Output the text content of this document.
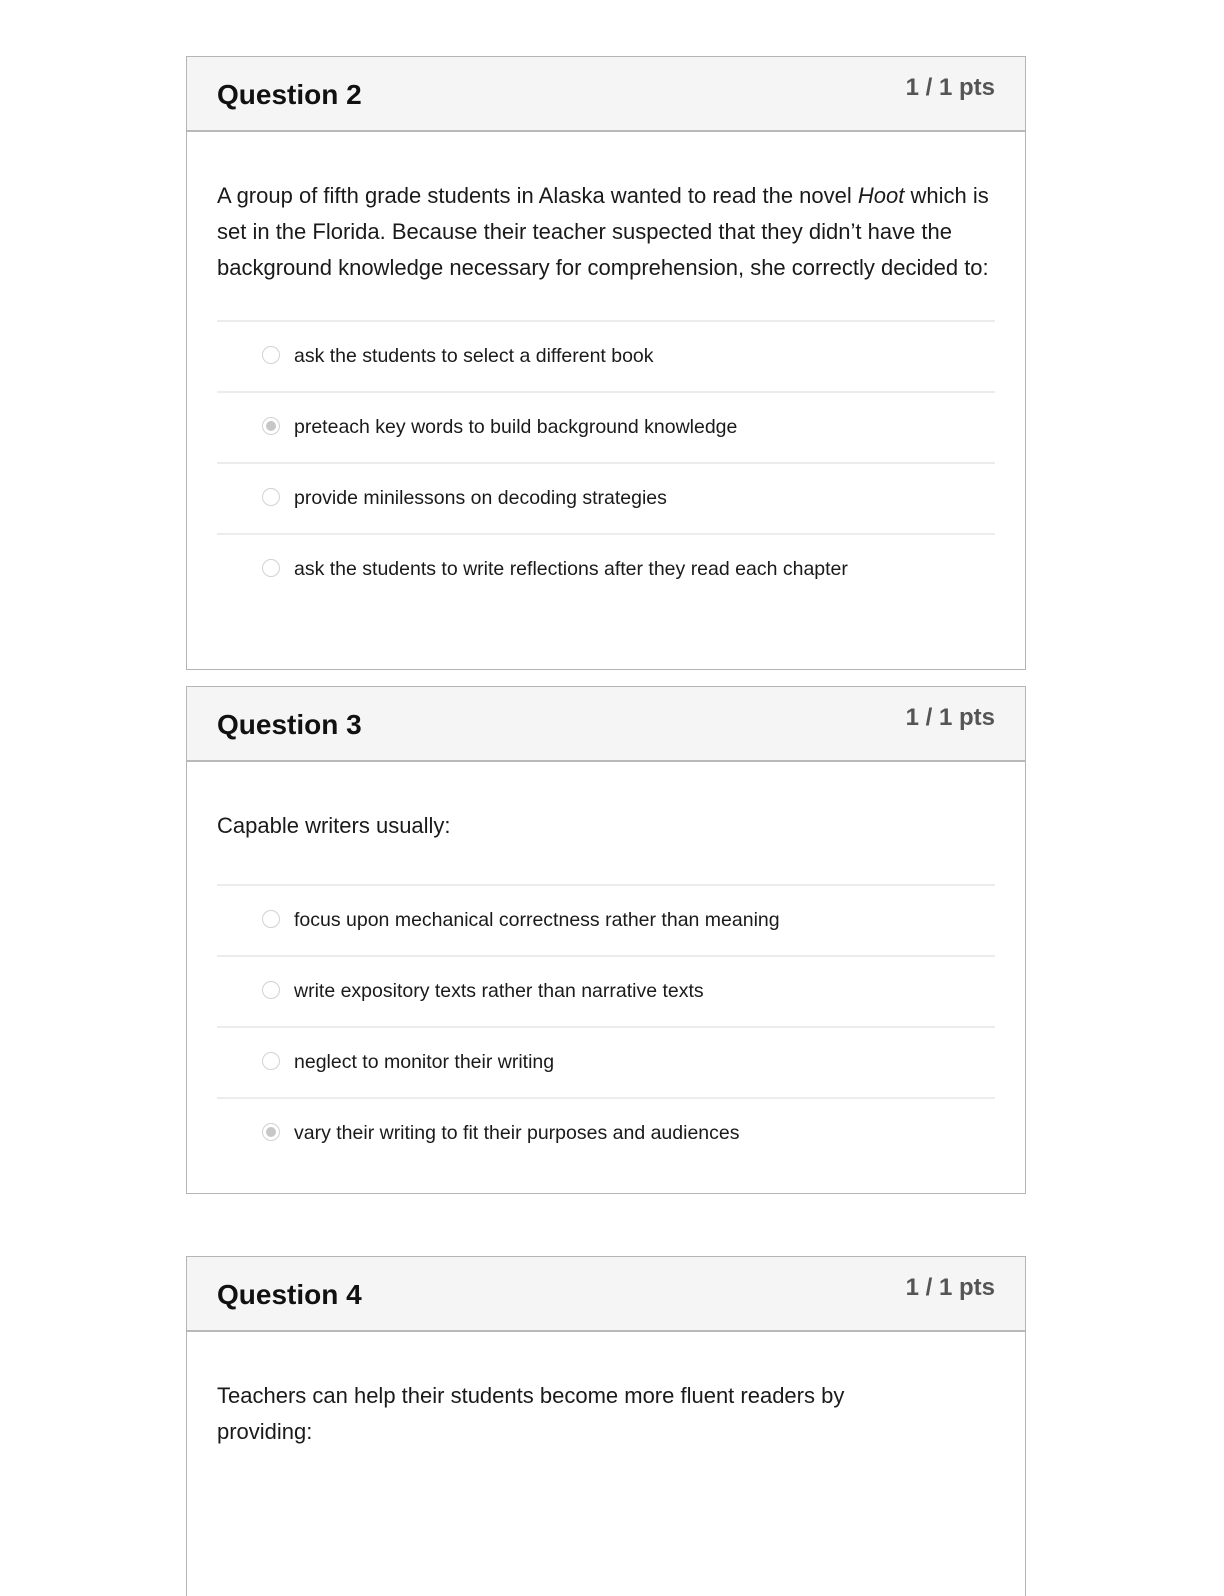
Question 2	1 / 1 pts

A group of fifth grade students in Alaska wanted to read the novel Hoot which is set in the Florida. Because their teacher suspected that they didn’t have the background knowledge necessary for comprehension, she correctly decided to:

ask the students to select a different book
preteach key words to build background knowledge
provide minilessons on decoding strategies
ask the students to write reflections after they read each chapter
Question 3	1 / 1 pts

Capable writers usually:

focus upon mechanical correctness rather than meaning
write expository texts rather than narrative texts
neglect to monitor their writing
vary their writing to fit their purposes and audiences
Question 4	1 / 1 pts

Teachers can help their students become more fluent readers by providing:
